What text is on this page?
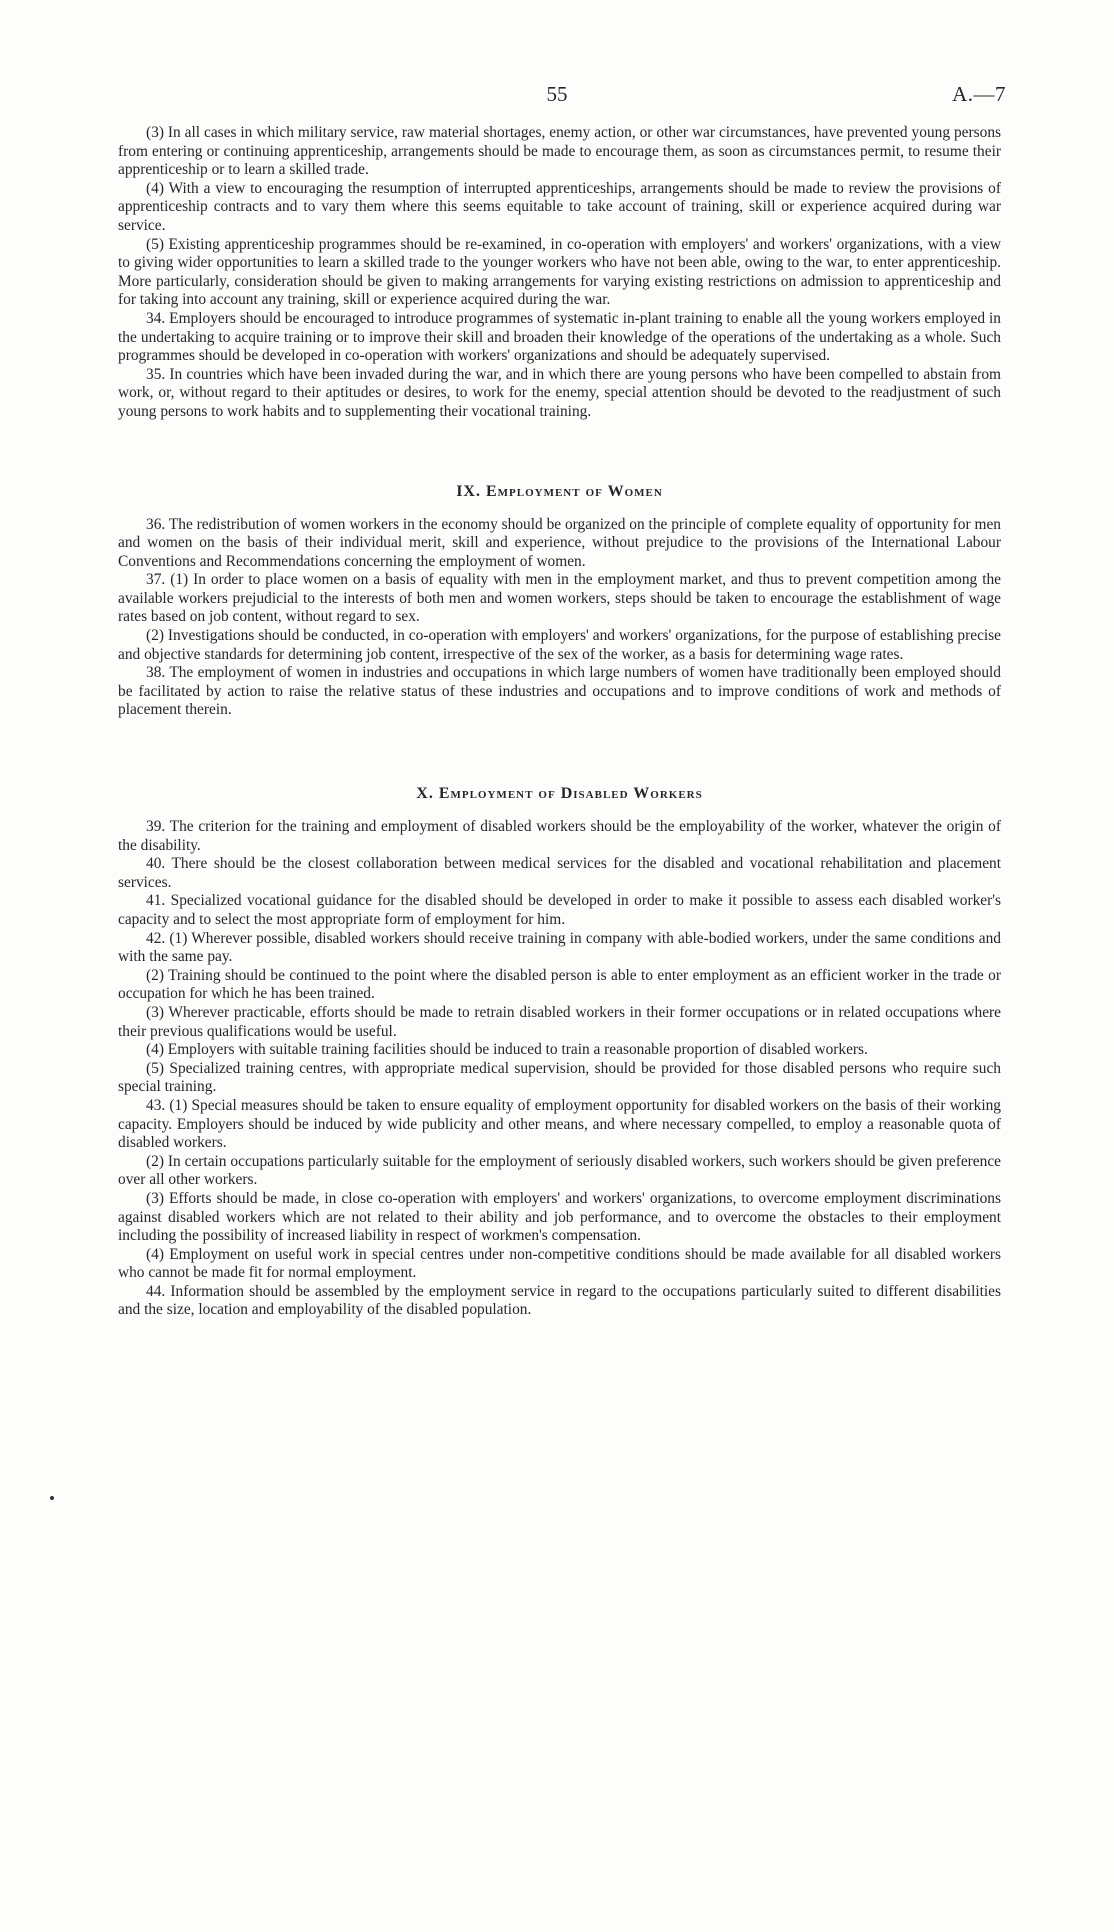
55	A.—7

(3) In all cases in which military service, raw material shortages, enemy action, or other war circumstances, have prevented young persons from entering or continuing apprenticeship, arrangements should be made to encourage them, as soon as circumstances permit, to resume their apprenticeship or to learn a skilled trade.

(4) With a view to encouraging the resumption of interrupted apprenticeships, arrangements should be made to review the provisions of apprenticeship contracts and to vary them where this seems equitable to take account of training, skill or experience acquired during war service.

(5) Existing apprenticeship programmes should be re-examined, in co-operation with employers' and workers' organizations, with a view to giving wider opportunities to learn a skilled trade to the younger workers who have not been able, owing to the war, to enter apprenticeship. More particularly, consideration should be given to making arrangements for varying existing restrictions on admission to apprenticeship and for taking into account any training, skill or experience acquired during the war.

34. Employers should be encouraged to introduce programmes of systematic in-plant training to enable all the young workers employed in the undertaking to acquire training or to improve their skill and broaden their knowledge of the operations of the undertaking as a whole. Such programmes should be developed in co-operation with workers' organizations and should be adequately supervised.

35. In countries which have been invaded during the war, and in which there are young persons who have been compelled to abstain from work, or, without regard to their aptitudes or desires, to work for the enemy, special attention should be devoted to the readjustment of such young persons to work habits and to supplementing their vocational training.

IX. Employment of Women

36. The redistribution of women workers in the economy should be organized on the principle of complete equality of opportunity for men and women on the basis of their individual merit, skill and experience, without prejudice to the provisions of the International Labour Conventions and Recommendations concerning the employment of women.

37. (1) In order to place women on a basis of equality with men in the employment market, and thus to prevent competition among the available workers prejudicial to the interests of both men and women workers, steps should be taken to encourage the establishment of wage rates based on job content, without regard to sex.

(2) Investigations should be conducted, in co-operation with employers' and workers' organizations, for the purpose of establishing precise and objective standards for determining job content, irrespective of the sex of the worker, as a basis for determining wage rates.

38. The employment of women in industries and occupations in which large numbers of women have traditionally been employed should be facilitated by action to raise the relative status of these industries and occupations and to improve conditions of work and methods of placement therein.

X. Employment of Disabled Workers

39. The criterion for the training and employment of disabled workers should be the employability of the worker, whatever the origin of the disability.

40. There should be the closest collaboration between medical services for the disabled and vocational rehabilitation and placement services.

41. Specialized vocational guidance for the disabled should be developed in order to make it possible to assess each disabled worker's capacity and to select the most appropriate form of employment for him.

42. (1) Wherever possible, disabled workers should receive training in company with able-bodied workers, under the same conditions and with the same pay.

(2) Training should be continued to the point where the disabled person is able to enter employment as an efficient worker in the trade or occupation for which he has been trained.

(3) Wherever practicable, efforts should be made to retrain disabled workers in their former occupations or in related occupations where their previous qualifications would be useful.

(4) Employers with suitable training facilities should be induced to train a reasonable proportion of disabled workers.

(5) Specialized training centres, with appropriate medical supervision, should be provided for those disabled persons who require such special training.

43. (1) Special measures should be taken to ensure equality of employment opportunity for disabled workers on the basis of their working capacity. Employers should be induced by wide publicity and other means, and where necessary compelled, to employ a reasonable quota of disabled workers.

(2) In certain occupations particularly suitable for the employment of seriously disabled workers, such workers should be given preference over all other workers.

(3) Efforts should be made, in close co-operation with employers' and workers' organizations, to overcome employment discriminations against disabled workers which are not related to their ability and job performance, and to overcome the obstacles to their employment including the possibility of increased liability in respect of workmen's compensation.

(4) Employment on useful work in special centres under non-competitive conditions should be made available for all disabled workers who cannot be made fit for normal employment.

44. Information should be assembled by the employment service in regard to the occupations particularly suited to different disabilities and the size, location and employability of the disabled population.
